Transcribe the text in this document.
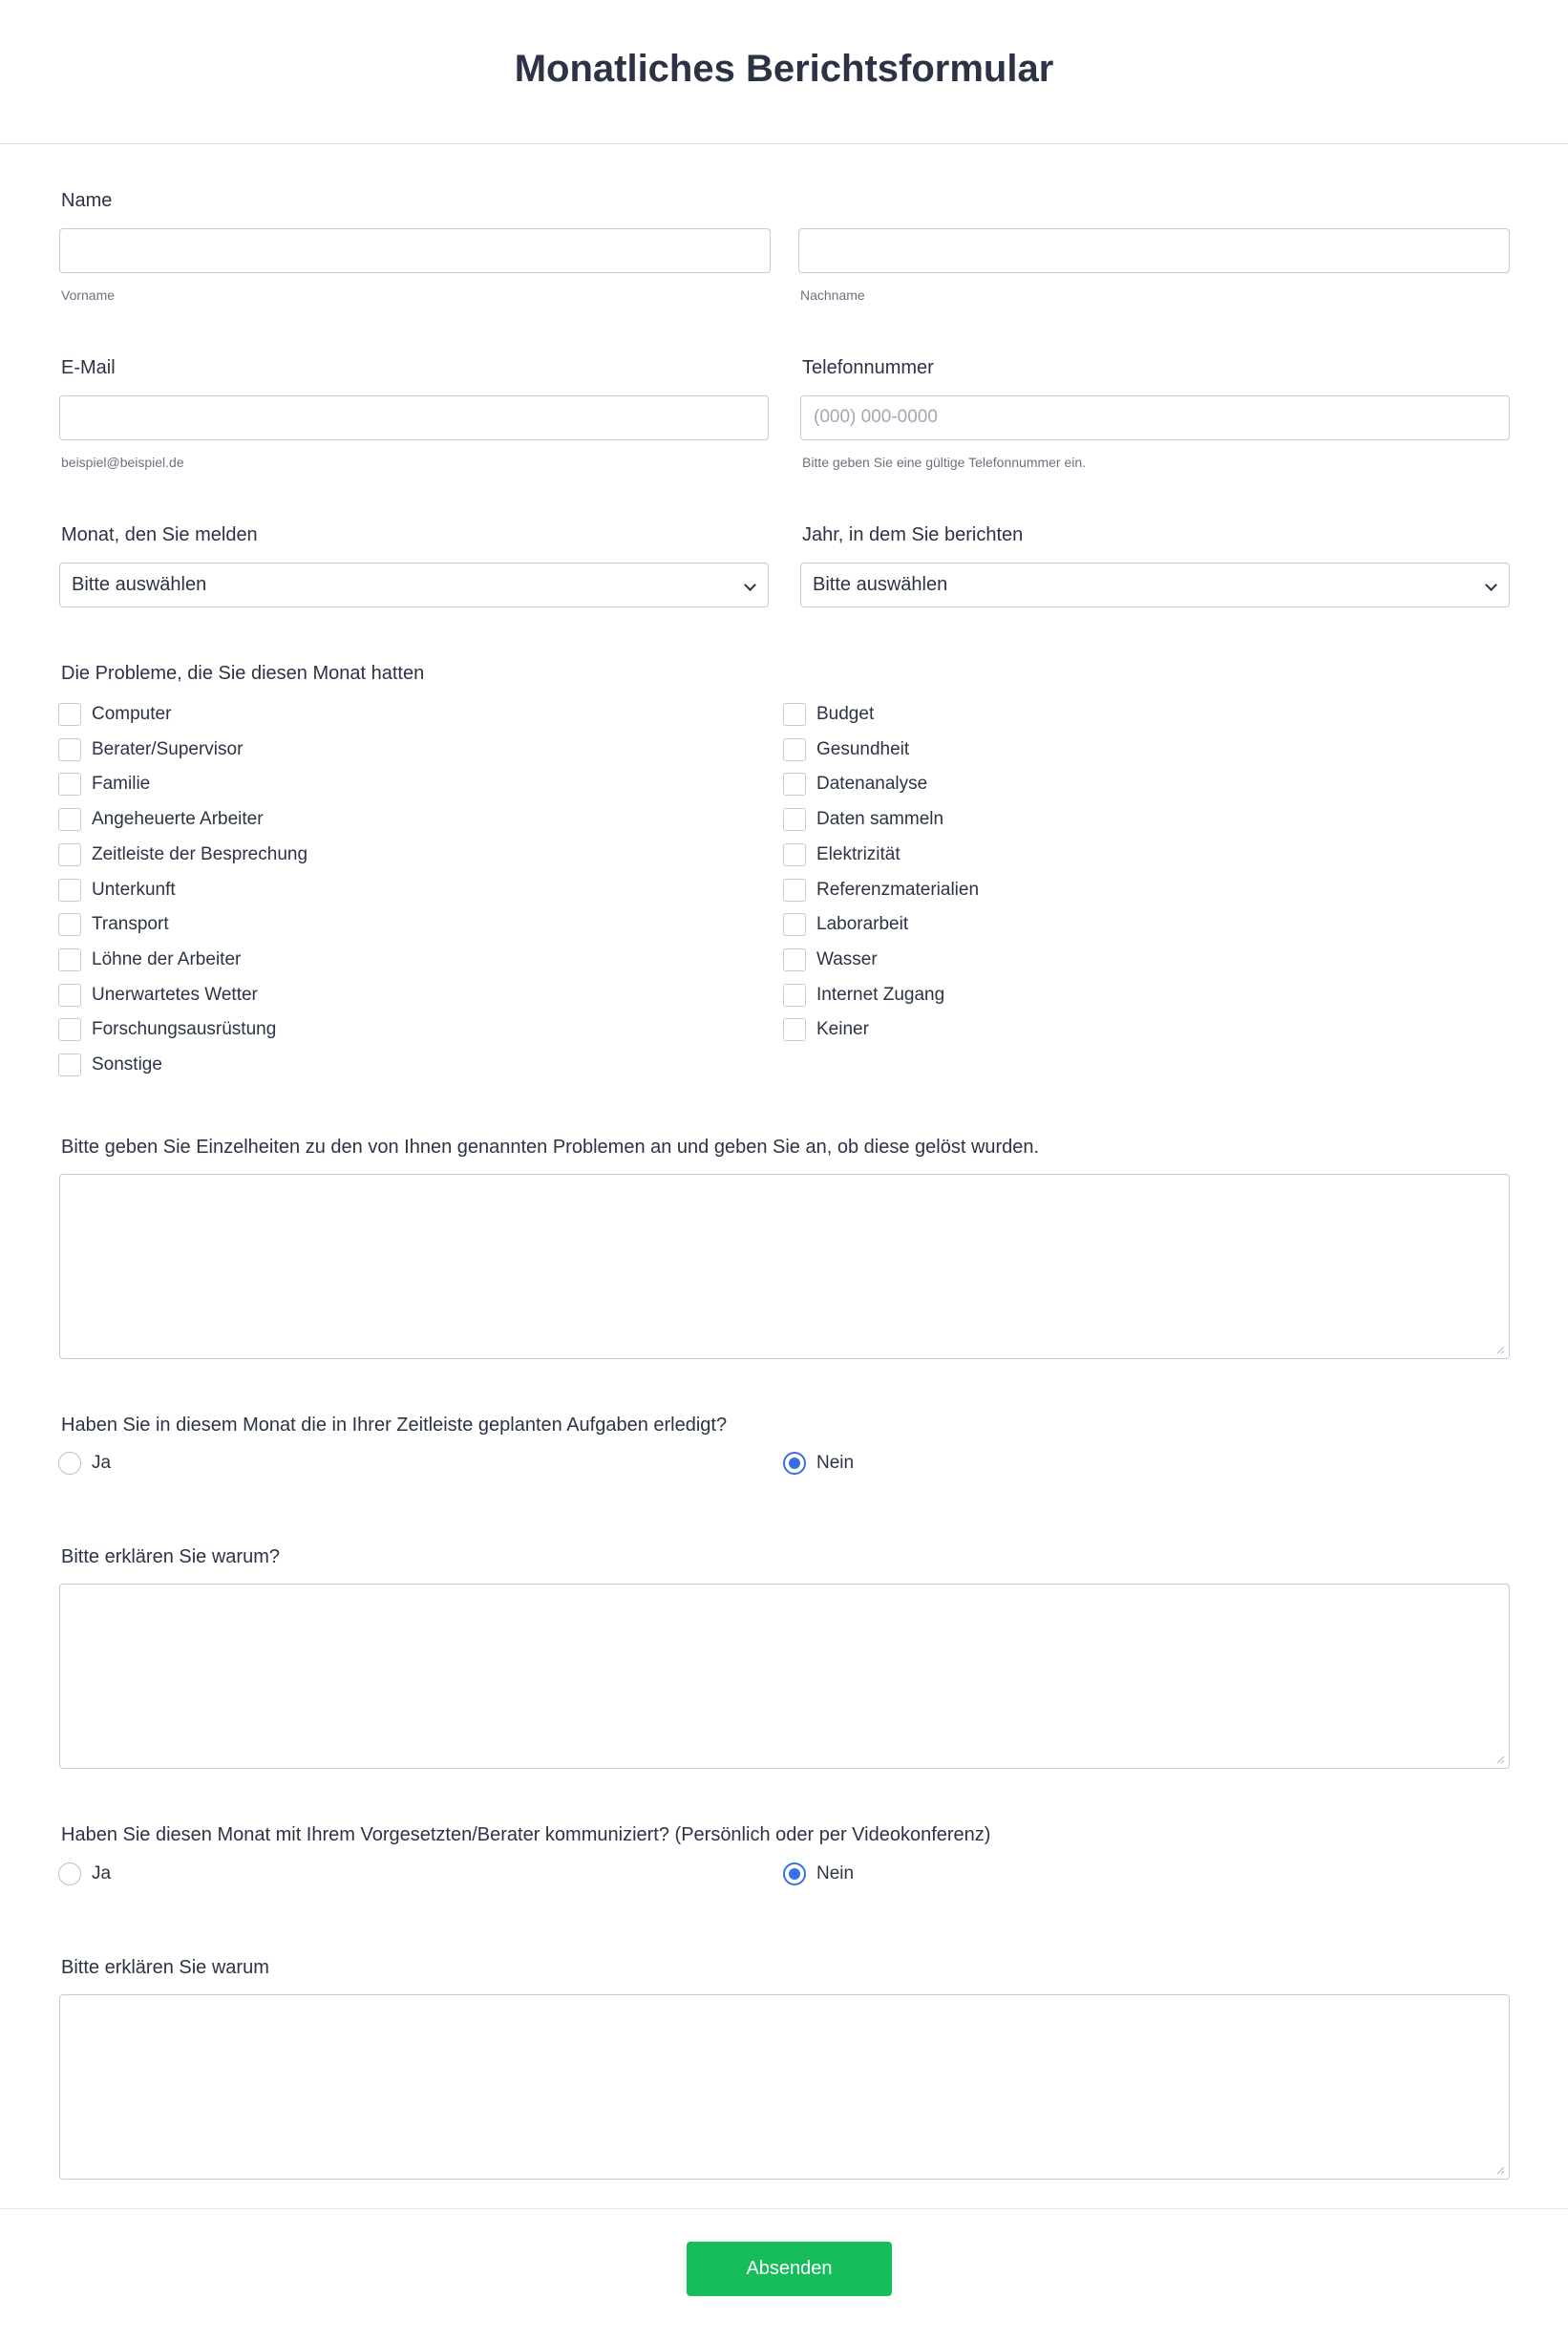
Monatliches Berichtsformular
Name
Vorname	Nachname
E-Mail
beispiel@beispiel.de
Telefonnummer
(000) 000-0000
Bitte geben Sie eine gültige Telefonnummer ein.
Monat, den Sie melden
Bitte auswählen
Jahr, in dem Sie berichten
Bitte auswählen
Die Probleme, die Sie diesen Monat hatten
Computer
Berater/Supervisor
Familie
Angeheuerte Arbeiter
Zeitleiste der Besprechung
Unterkunft
Transport
Löhne der Arbeiter
Unerwartetes Wetter
Forschungsausrüstung
Sonstige
Budget
Gesundheit
Datenanalyse
Daten sammeln
Elektrizität
Referenzmaterialien
Laborarbeit
Wasser
Internet Zugang
Keiner
Bitte geben Sie Einzelheiten zu den von Ihnen genannten Problemen an und geben Sie an, ob diese gelöst wurden.
Haben Sie in diesem Monat die in Ihrer Zeitleiste geplanten Aufgaben erledigt?
Ja	Nein
Bitte erklären Sie warum?
Haben Sie diesen Monat mit Ihrem Vorgesetzten/Berater kommuniziert? (Persönlich oder per Videokonferenz)
Ja	Nein
Bitte erklären Sie warum
Absenden
